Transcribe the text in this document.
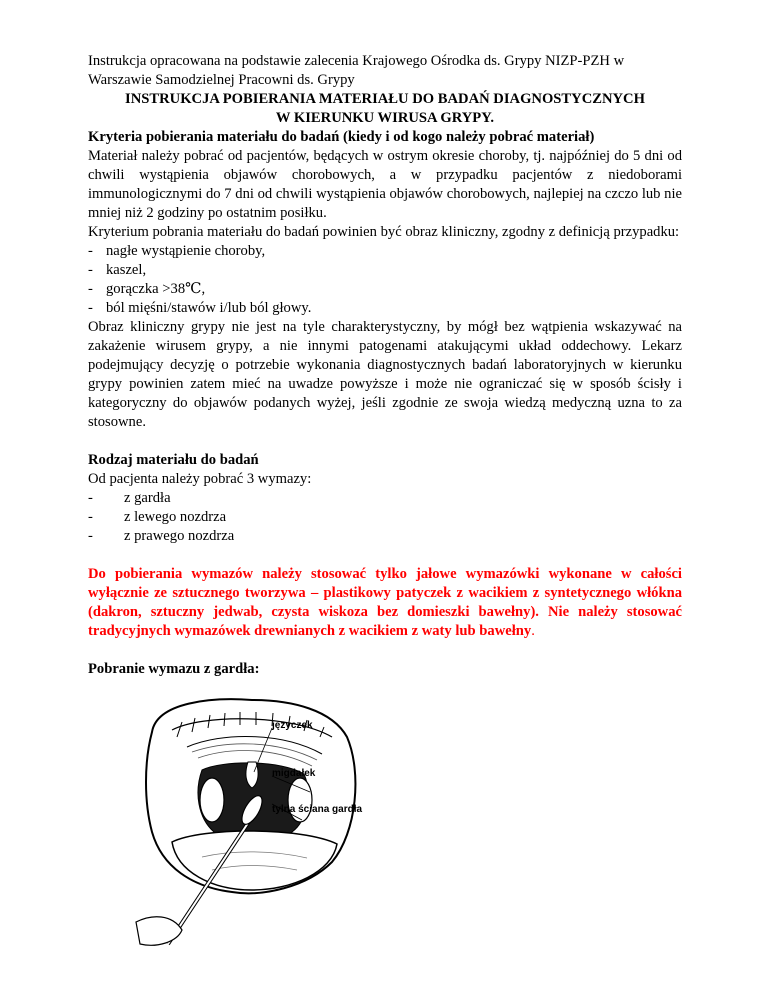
Instrukcja opracowana na podstawie zalecenia Krajowego Ośrodka ds. Grypy NIZP-PZH w Warszawie Samodzielnej Pracowni ds. Grypy

INSTRUKCJA POBIERANIA MATERIAŁU DO BADAŃ DIAGNOSTYCZNYCH

W KIERUNKU WIRUSA GRYPY.

Kryteria pobierania materiału do badań (kiedy i od kogo należy pobrać materiał)

Materiał należy pobrać od pacjentów, będących w ostrym okresie choroby, tj. najpóźniej do 5 dni od chwili wystąpienia objawów chorobowych, a w przypadku pacjentów z niedoborami immunologicznymi do 7 dni od chwili wystąpienia objawów chorobowych, najlepiej na czczo lub nie mniej niż 2 godziny po ostatnim posiłku.

Kryterium pobrania materiału do badań powinien być obraz kliniczny, zgodny z definicją przypadku:

- nagłe wystąpienie choroby,
- kaszel,
- gorączka >38℃,
- ból mięśni/stawów i/lub ból głowy.

Obraz kliniczny grypy nie jest na tyle charakterystyczny, by mógł bez wątpienia wskazywać na zakażenie wirusem grypy, a nie innymi patogenami atakującymi układ oddechowy. Lekarz podejmujący decyzję o potrzebie wykonania diagnostycznych badań laboratoryjnych w kierunku grypy powinien zatem mieć na uwadze powyższe i może nie ograniczać się w sposób ścisły i kategoryczny do objawów podanych wyżej, jeśli zgodnie ze swoja wiedzą medyczną uzna to za stosowne.

Rodzaj materiału do badań

Od pacjenta należy pobrać 3 wymazy:

-	z gardła
-	z lewego nozdrza
-	z prawego nozdrza

Do pobierania wymazów należy stosować tylko jałowe wymazówki wykonane w całości wyłącznie ze sztucznego tworzywa – plastikowy patyczek z wacikiem z syntetycznego włókna (dakron, sztuczny jedwab, czysta wiskoza bez domieszki bawełny). Nie należy stosować tradycyjnych wymazówek drewnianych z wacikiem z waty lub bawełny.

Pobranie wymazu z gardła:

języczek
migdałek
tylna ściana gardła
